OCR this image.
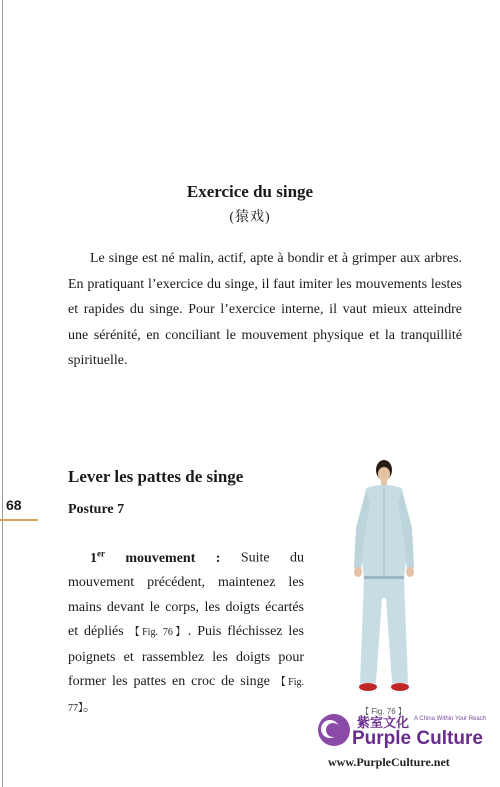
Exercice du singe
(猿戏)

Le singe est né malin, actif, apte à bondir et à grimper aux arbres. En pratiquant l’exercice du singe, il faut imiter les mouvements lestes et rapides du singe. Pour l’exercice interne, il vaut mieux atteindre une sérénité, en conciliant le mouvement physique et la tranquillité spirituelle.

Lever les pattes de singe
68	Posture 7
1er mouvement : Suite du mouvement précédent, maintenez les mains devant le corps, les doigts écartés et dépliés 【Fig. 76】. Puis fléchissez les poignets et rassemblez les doigts pour former les pattes en croc de singe 【Fig. 77】。	【 Fig. 76 】
紫室文化 A China Within Your Reach
Purple Culture
www.PurpleCulture.net
